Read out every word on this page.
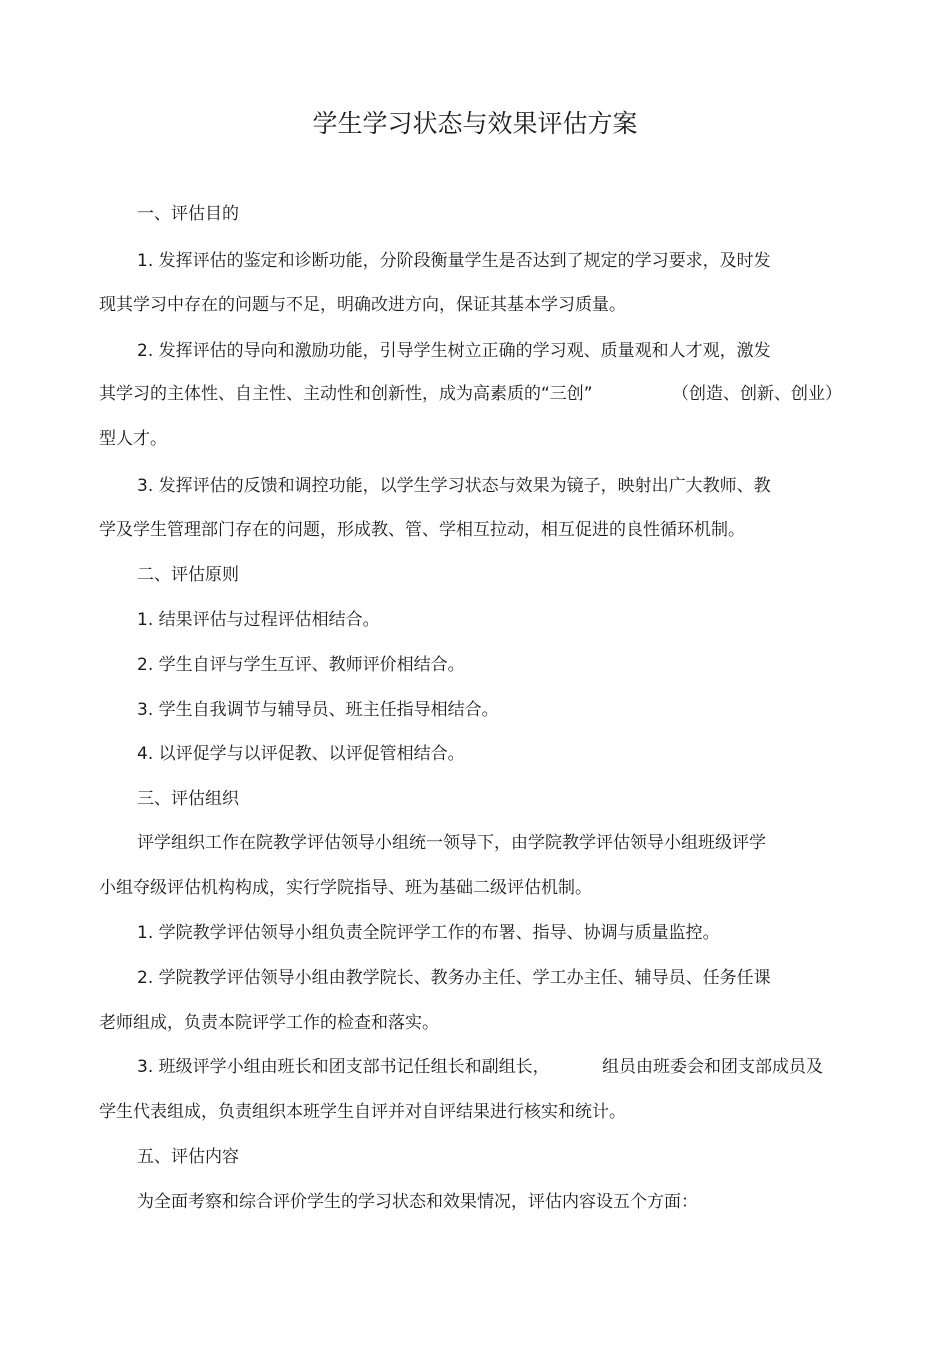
学生学习状态与效果评估方案

一、评估目的

1. 发挥评估的鉴定和诊断功能，分阶段衡量学生是否达到了规定的学习要求，及时发

现其学习中存在的问题与不足，明确改进方向，保证其基本学习质量。

2. 发挥评估的导向和激励功能，引导学生树立正确的学习观、质量观和人才观，激发

其学习的主体性、自主性、主动性和创新性，成为高素质的“三创”	（创造、创新、创业）

型人才。

3. 发挥评估的反馈和调控功能，以学生学习状态与效果为镜子，映射出广大教师、教

学及学生管理部门存在的问题，形成教、管、学相互拉动，相互促进的良性循环机制。

二、评估原则

1. 结果评估与过程评估相结合。

2. 学生自评与学生互评、教师评价相结合。

3. 学生自我调节与辅导员、班主任指导相结合。

4. 以评促学与以评促教、以评促管相结合。

三、评估组织

评学组织工作在院教学评估领导小组统一领导下，由学院教学评估领导小组班级评学

小组夺级评估机构构成，实行学院指导、班为基础二级评估机制。

1. 学院教学评估领导小组负责全院评学工作的布署、指导、协调与质量监控。

2. 学院教学评估领导小组由教学院长、教务办主任、学工办主任、辅导员、任务任课

老师组成，负责本院评学工作的检查和落实。

3. 班级评学小组由班长和团支部书记任组长和副组长，	组员由班委会和团支部成员及

学生代表组成，负责组织本班学生自评并对自评结果进行核实和统计。

五、评估内容

为全面考察和综合评价学生的学习状态和效果情况，评估内容设五个方面：
